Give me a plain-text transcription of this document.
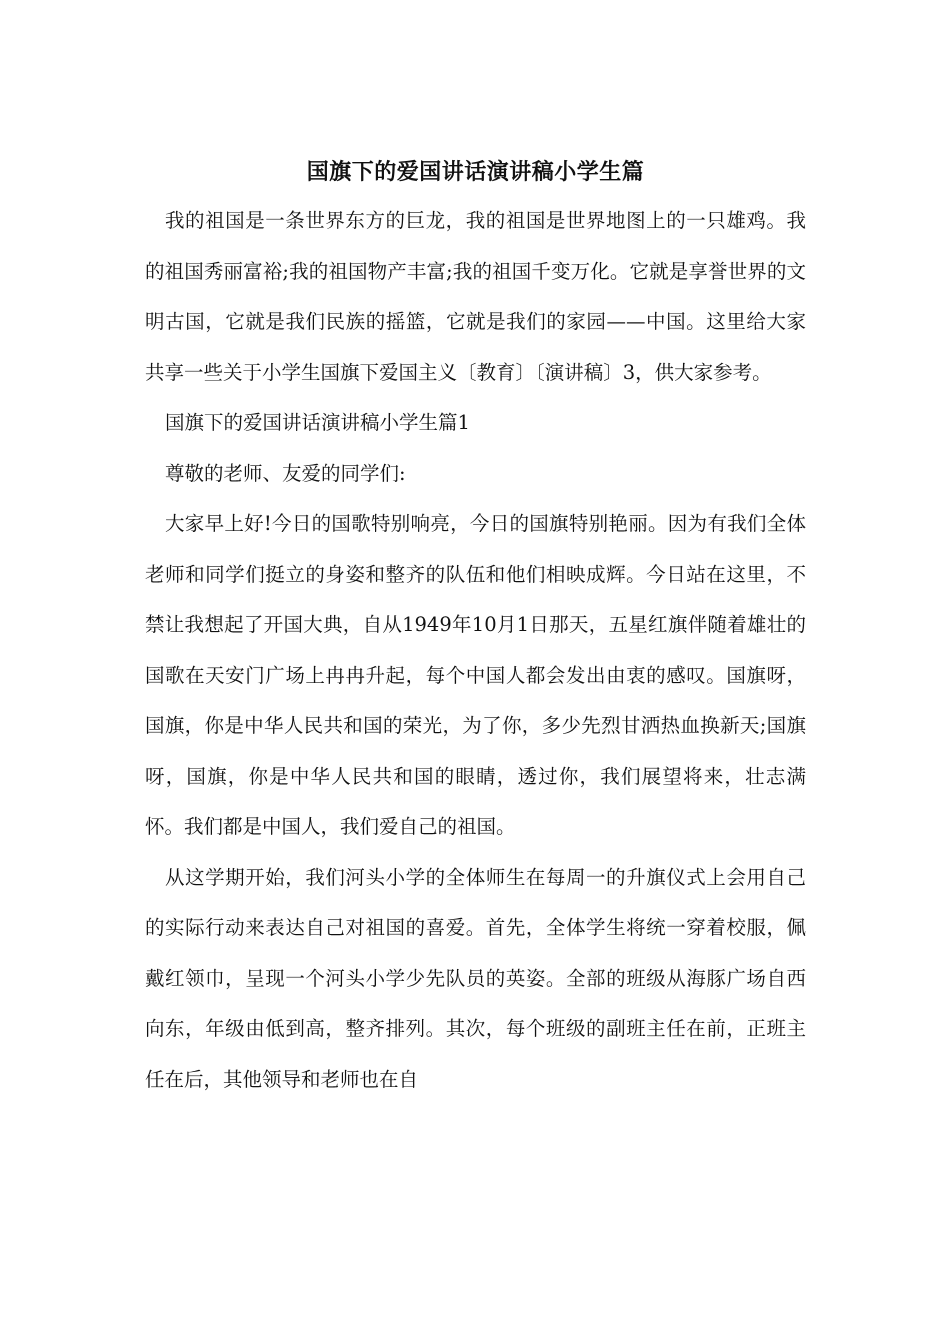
国旗下的爱国讲话演讲稿小学生篇

我的祖国是一条世界东方的巨龙，我的祖国是世界地图上的一只雄鸡。我的祖国秀丽富裕;我的祖国物产丰富;我的祖国千变万化。它就是享誉世界的文明古国，它就是我们民族的摇篮，它就是我们的家园——中国。这里给大家共享一些关于小学生国旗下爱国主义〔教育〕〔演讲稿〕3，供大家参考。

国旗下的爱国讲话演讲稿小学生篇1

尊敬的老师、友爱的同学们:

大家早上好!今日的国歌特别响亮，今日的国旗特别艳丽。因为有我们全体老师和同学们挺立的身姿和整齐的队伍和他们相映成辉。今日站在这里，不禁让我想起了开国大典，自从1949年10月1日那天，五星红旗伴随着雄壮的国歌在天安门广场上冉冉升起，每个中国人都会发出由衷的感叹。国旗呀，国旗，你是中华人民共和国的荣光，为了你，多少先烈甘洒热血换新天;国旗呀，国旗，你是中华人民共和国的眼睛，透过你，我们展望将来，壮志满怀。我们都是中国人，我们爱自己的祖国。

从这学期开始，我们河头小学的全体师生在每周一的升旗仪式上会用自己的实际行动来表达自己对祖国的喜爱。首先，全体学生将统一穿着校服，佩戴红领巾，呈现一个河头小学少先队员的英姿。全部的班级从海豚广场自西向东，年级由低到高，整齐排列。其次，每个班级的副班主任在前，正班主任在后，其他领导和老师也在自
